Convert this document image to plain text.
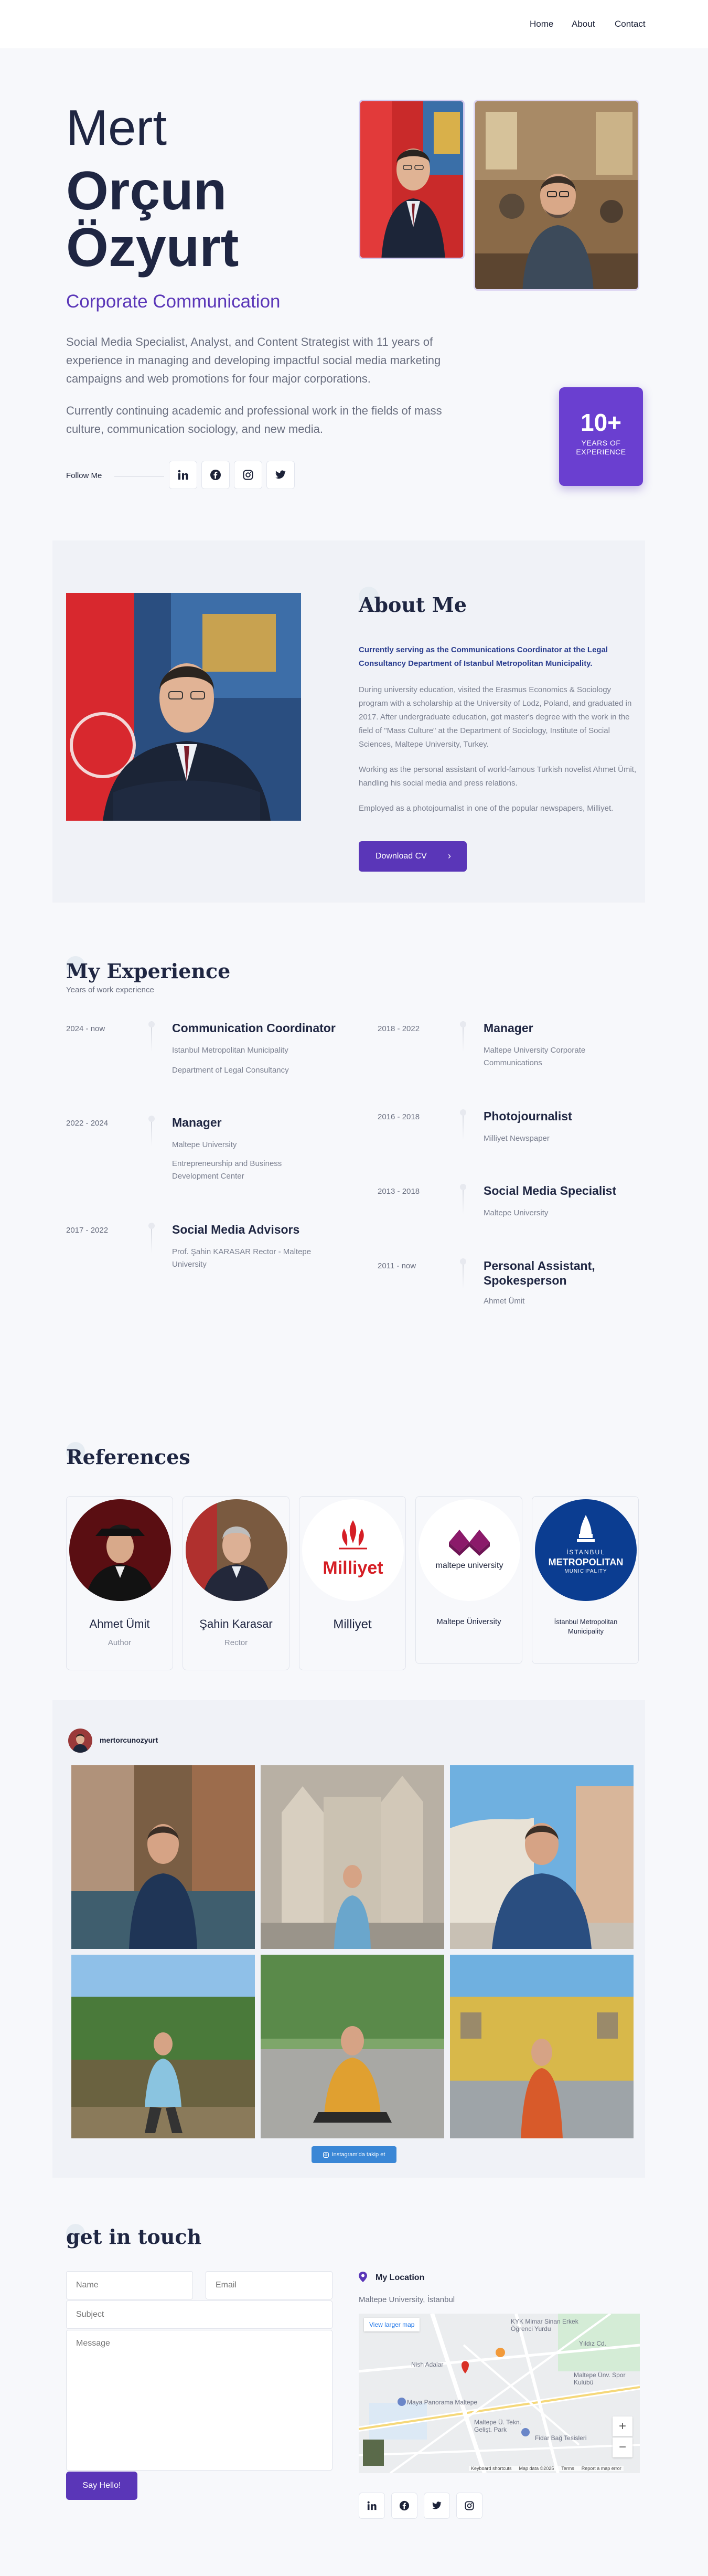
Home About Contact
Mert
Orçun
Özyurt
Corporate Communication

Social Media Specialist, Analyst, and Content Strategist with 11 years of experience in managing and developing impactful social media marketing campaigns and web promotions for four major corporations.

Currently continuing academic and professional work in the fields of mass culture, communication sociology, and new media.

Follow Me
10+
YEARS OF
EXPERIENCE
About Me

Currently serving as the Communications Coordinator at the Legal Consultancy Department of Istanbul Metropolitan Municipality.

During university education, visited the Erasmus Economics & Sociology program with a scholarship at the University of Lodz, Poland, and graduated in 2017. After undergraduate education, got master's degree with the work in the field of "Mass Culture" at the Department of Sociology, Institute of Social Sciences, Maltepe University, Turkey.

Working as the personal assistant of world-famous Turkish novelist Ahmet Ümit, handling his social media and press relations.

Employed as a photojournalist in one of the popular newspapers, Milliyet.

Download CV ›
My Experience
Years of work experience
2024 - now	Communication Coordinator
Istanbul Metropolitan Municipality
Department of Legal Consultancy
2022 - 2024	Manager
Maltepe University
Entrepreneurship and Business Development Center
2017 - 2022	Social Media Advisors
Prof. Şahin KARASAR Rector - Maltepe University
2018 - 2022	Manager
Maltepe University Corporate Communications
2016 - 2018	Photojournalist
Milliyet Newspaper
2013 - 2018	Social Media Specialist
Maltepe University
2011 - now	Personal Assistant, Spokesperson
Ahmet Ümit
References
Ahmet Ümit
Author
Şahin Karasar
Rector
Milliyet
Milliyet
maltepe university
Maltepe Üniversity
İSTANBUL
METROPOLITAN
MUNICIPALITY
İstanbul Metropolitan Municipality
mertorcunozyurt
Instagram'da takip et
get in touch
Name
Email
Subject
Message
Say Hello!
My Location
Maltepe University, İstanbul
View larger map	KYK Mimar Sinan Erkek Öğrenci Yurdu
Nish Adalar
Maya Panorama Maltepe
Yıldız Cd.
Maltepe Ünv. Spor Kulübü
Fidar Bağ Tesisleri
Maltepe Ü. Tekn. Gelişt. Park	+
−
Keyboard shortcuts Map data ©2025 Terms Report a map error
